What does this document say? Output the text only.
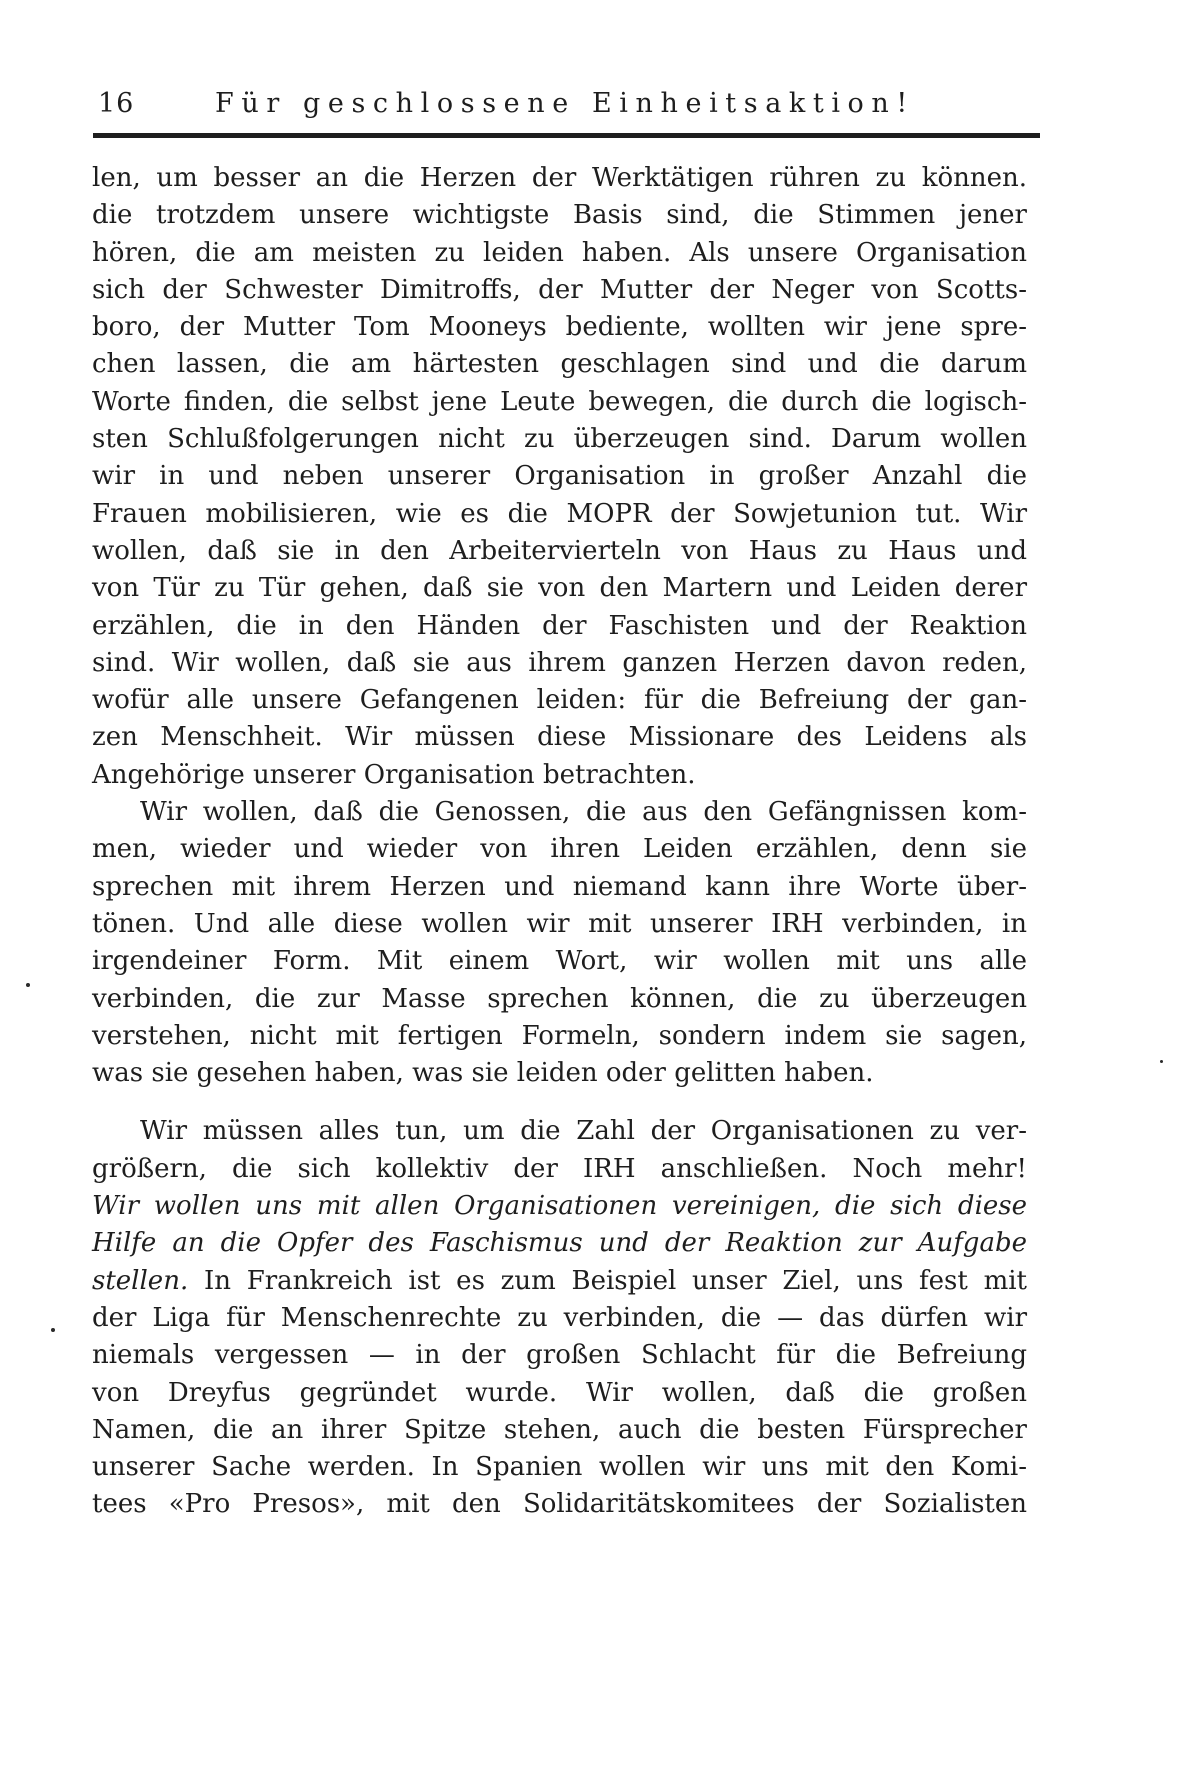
16	Für geschlossene Einheitsaktion!
len, um besser an die Herzen der Werktätigen rühren zu können.
die trotzdem unsere wichtigste Basis sind, die Stimmen jener
hören, die am meisten zu leiden haben. Als unsere Organisation
sich der Schwester Dimitroffs, der Mutter der Neger von Scotts-
boro, der Mutter Tom Mooneys bediente, wollten wir jene spre-
chen lassen, die am härtesten geschlagen sind und die darum
Worte finden, die selbst jene Leute bewegen, die durch die logisch-
sten Schlußfolgerungen nicht zu überzeugen sind. Darum wollen
wir in und neben unserer Organisation in großer Anzahl die
Frauen mobilisieren, wie es die MOPR der Sowjetunion tut. Wir
wollen, daß sie in den Arbeitervierteln von Haus zu Haus und
von Tür zu Tür gehen, daß sie von den Martern und Leiden derer
erzählen, die in den Händen der Faschisten und der Reaktion
sind. Wir wollen, daß sie aus ihrem ganzen Herzen davon reden,
wofür alle unsere Gefangenen leiden: für die Befreiung der gan-
zen Menschheit. Wir müssen diese Missionare des Leidens als
Angehörige unserer Organisation betrachten.
Wir wollen, daß die Genossen, die aus den Gefängnissen kom-
men, wieder und wieder von ihren Leiden erzählen, denn sie
sprechen mit ihrem Herzen und niemand kann ihre Worte über-
tönen. Und alle diese wollen wir mit unserer IRH verbinden, in
irgendeiner Form. Mit einem Wort, wir wollen mit uns alle
verbinden, die zur Masse sprechen können, die zu überzeugen
verstehen, nicht mit fertigen Formeln, sondern indem sie sagen,
was sie gesehen haben, was sie leiden oder gelitten haben.
Wir müssen alles tun, um die Zahl der Organisationen zu ver-
größern, die sich kollektiv der IRH anschließen. Noch mehr!
Wir wollen uns mit allen Organisationen vereinigen, die sich diese
Hilfe an die Opfer des Faschismus und der Reaktion zur Aufgabe
stellen. In Frankreich ist es zum Beispiel unser Ziel, uns fest mit
der Liga für Menschenrechte zu verbinden, die — das dürfen wir
niemals vergessen — in der großen Schlacht für die Befreiung
von Dreyfus gegründet wurde. Wir wollen, daß die großen
Namen, die an ihrer Spitze stehen, auch die besten Fürsprecher
unserer Sache werden. In Spanien wollen wir uns mit den Komi-
tees «Pro Presos», mit den Solidaritätskomitees der Sozialisten
